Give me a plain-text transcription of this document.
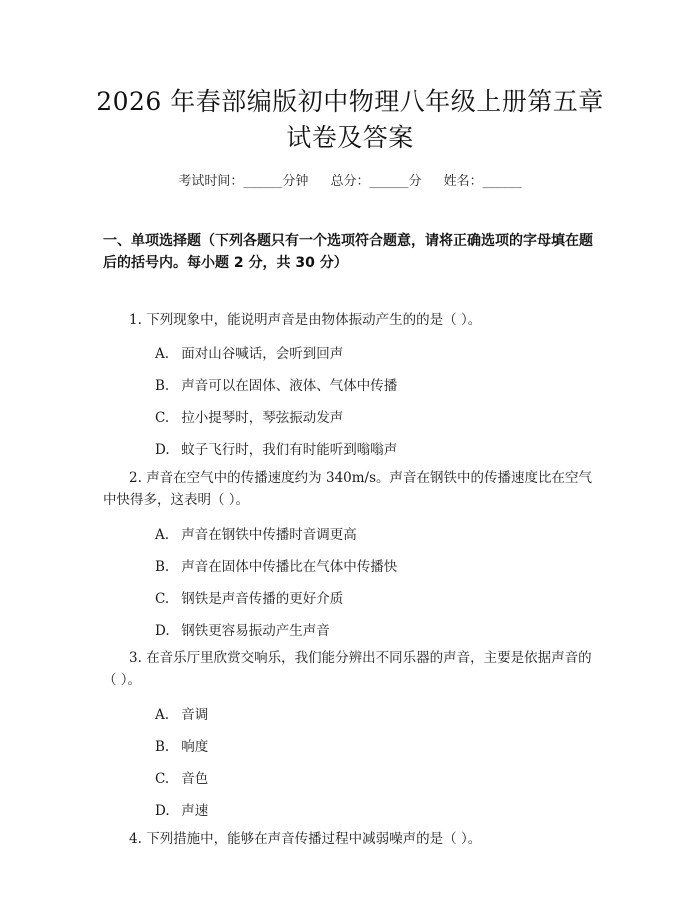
2026 年春部编版初中物理八年级上册第五章
试卷及答案
考试时间：______分钟 总分：______分 姓名：______
一、单项选择题（下列各题只有一个选项符合题意，请将正确选项的字母填在题后的括号内。每小题 2 分，共 30 分）
1. 下列现象中，能说明声音是由物体振动产生的的是（ ）。
A. 面对山谷喊话，会听到回声
B. 声音可以在固体、液体、气体中传播
C. 拉小提琴时，琴弦振动发声
D. 蚊子飞行时，我们有时能听到嗡嗡声
2. 声音在空气中的传播速度约为 340m/s。声音在钢铁中的传播速度比在空气中快得多，这表明（ ）。
A. 声音在钢铁中传播时音调更高
B. 声音在固体中传播比在气体中传播快
C. 钢铁是声音传播的更好介质
D. 钢铁更容易振动产生声音
3. 在音乐厅里欣赏交响乐，我们能分辨出不同乐器的声音，主要是依据声音的（ ）。
A. 音调
B. 响度
C. 音色
D. 声速
4. 下列措施中，能够在声音传播过程中减弱噪声的是（ ）。
